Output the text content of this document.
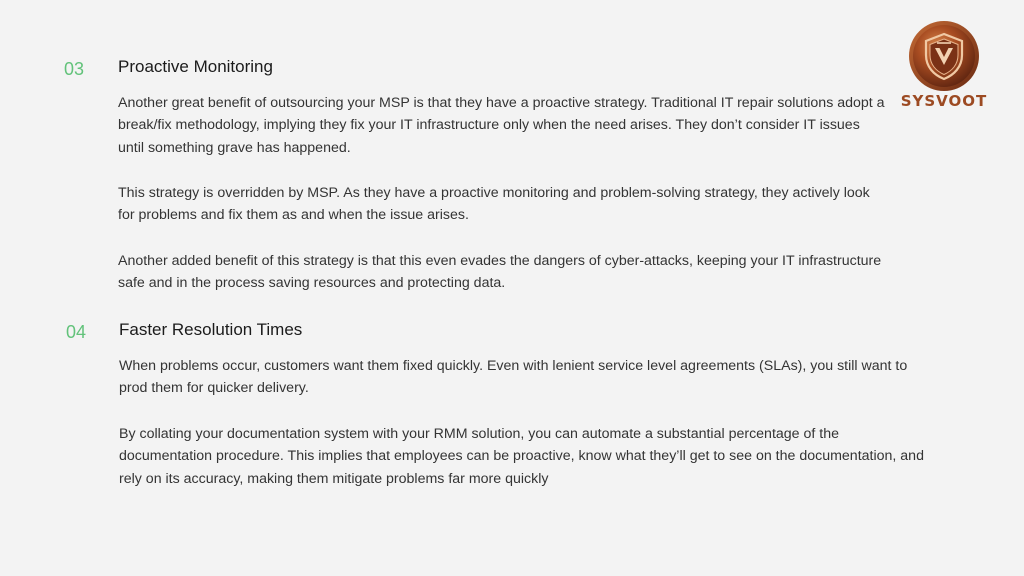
03 Proactive Monitoring

Another great benefit of outsourcing your MSP is that they have a proactive strategy. Traditional IT repair solutions adopt a break/fix methodology, implying they fix your IT infrastructure only when the need arises. They don’t consider IT issues until something grave has happened.

This strategy is overridden by MSP. As they have a proactive monitoring and problem-solving strategy, they actively look for problems and fix them as and when the issue arises.

Another added benefit of this strategy is that this even evades the dangers of cyber-attacks, keeping your IT infrastructure safe and in the process saving resources and protecting data.

04 Faster Resolution Times

When problems occur, customers want them fixed quickly. Even with lenient service level agreements (SLAs), you still want to prod them for quicker delivery.

By collating your documentation system with your RMM solution, you can automate a substantial percentage of the documentation procedure. This implies that employees can be proactive, know what they’ll get to see on the documentation, and rely on its accuracy, making them mitigate problems far more quickly

SYSVOOT
